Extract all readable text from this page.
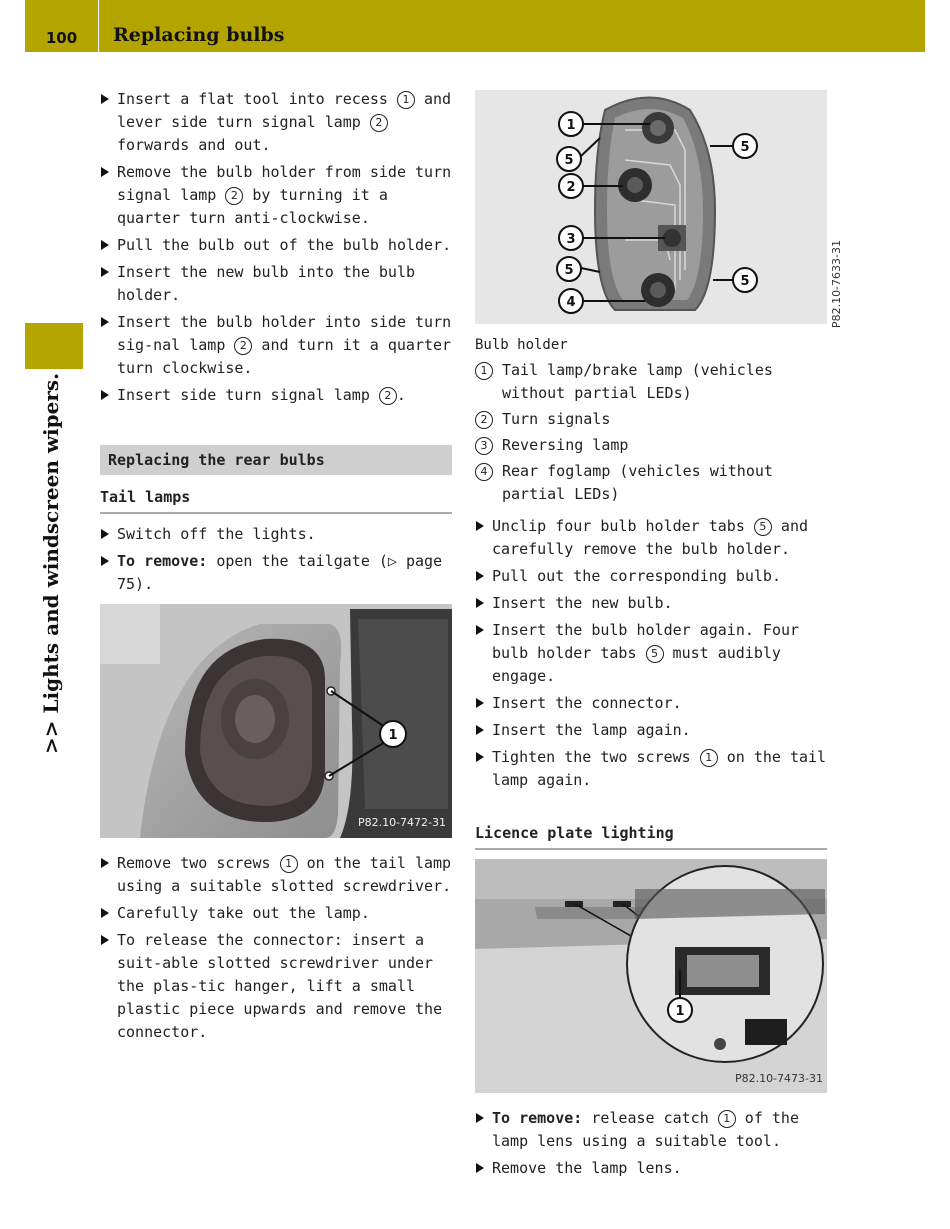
100	Replacing bulbs
>> Lights and windscreen wipers.
Insert a flat tool into recess 1 and lever side turn signal lamp 2 forwards and out.
Remove the bulb holder from side turn signal lamp 2 by turning it a quarter turn anti-clockwise.
Pull the bulb out of the bulb holder.
Insert the new bulb into the bulb holder.
Insert the bulb holder into side turn sig-nal lamp 2 and turn it a quarter turn clockwise.
Insert side turn signal lamp 2 .
Replacing the rear bulbs
Tail lamps
Switch off the lights.
To remove: open the tailgate (▷ page 75).
1
P82.10-7472-31
Remove two screws 1 on the tail lamp using a suitable slotted screwdriver.
Carefully take out the lamp.
To release the connector: insert a suit-able slotted screwdriver under the plas-tic hanger, lift a small plastic piece upwards and remove the connector.
1
5
2
3
5
4
5
5	P82.10-7633-31
Bulb holder
1 Tail lamp/brake lamp (vehicles without partial LEDs)
2 Turn signals
3 Reversing lamp
4 Rear foglamp (vehicles without partial LEDs)
Unclip four bulb holder tabs 5 and carefully remove the bulb holder.
Pull out the corresponding bulb.
Insert the new bulb.
Insert the bulb holder again. Four bulb holder tabs 5 must audibly engage.
Insert the connector.
Insert the lamp again.
Tighten the two screws 1 on the tail lamp again.
Licence plate lighting
1
P82.10-7473-31
To remove: release catch 1 of the lamp lens using a suitable tool.
Remove the lamp lens.
